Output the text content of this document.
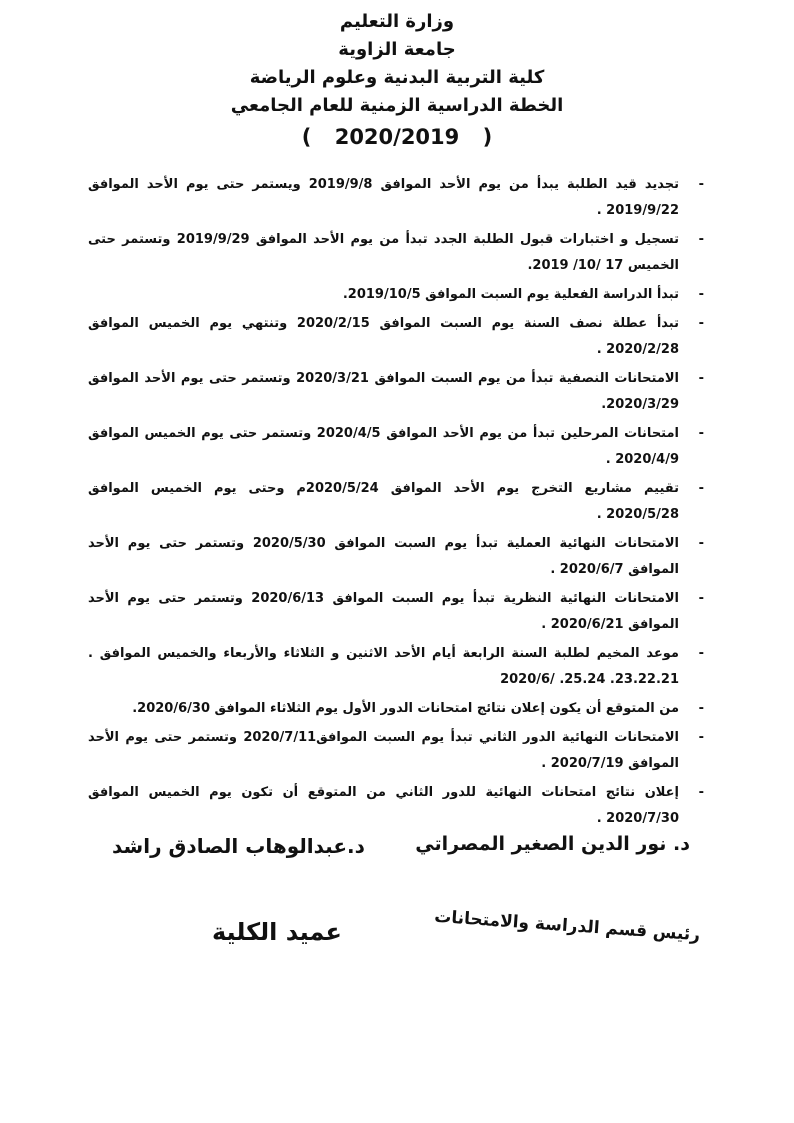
وزارة التعليم
جامعة الزاوية
كلية التربية البدنية وعلوم الرياضة
الخطة الدراسية الزمنية للعام الجامعي
( 2020/2019 )
-
تجديد قيد الطلبة يبدأ من يوم الأحد الموافق 2019/9/8 ويستمر حتى يوم الأحد الموافق 2019/9/22 .
-
تسجيل و اختبارات قبول الطلبة الجدد تبدأ من يوم الأحد الموافق 2019/9/29 وتستمر حتى الخميس 17 /10/ 2019.
-
تبدأ الدراسة الفعلية يوم السبت الموافق 2019/10/5.
-
تبدأ عطلة نصف السنة يوم السبت الموافق 2020/2/15 وتنتهي يوم الخميس الموافق 2020/2/28 .
-
الامتحانات النصفية تبدأ من يوم السبت الموافق 2020/3/21 وتستمر حتى يوم الأحد الموافق 2020/3/29.
-
امتحانات المرحلين تبدأ من يوم الأحد الموافق 2020/4/5 وتستمر حتى يوم الخميس الموافق 2020/4/9 .
-
تقييم مشاريع التخرج يوم الأحد الموافق 2020/5/24م وحتى يوم الخميس الموافق 2020/5/28 .
-
الامتحانات النهائية العملية تبدأ يوم السبت الموافق 2020/5/30 وتستمر حتى يوم الأحد الموافق 2020/6/7 .
-
الامتحانات النهائية النظرية تبدأ يوم السبت الموافق 2020/6/13 وتستمر حتى يوم الأحد الموافق 2020/6/21 .
-
موعد المخيم لطلبة السنة الرابعة أيام الأحد الاثنين و الثلاثاء والأربعاء والخميس الموافق . 2020/6/ .25.24 .23.22.21
-
من المتوقع أن يكون إعلان نتائج امتحانات الدور الأول يوم الثلاثاء الموافق 2020/6/30.
-
الامتحانات النهائية الدور الثاني تبدأ يوم السبت الموافق2020/7/11 وتستمر حتى يوم الأحد الموافق 2020/7/19 .
-
إعلان نتائج امتحانات النهائية للدور الثاني من المتوقع أن تكون يوم الخميس الموافق 2020/7/30 .
د. نور الدين الصغير المصراتي
د.عبدالوهاب الصادق راشد
رئيس قسم الدراسة والامتحانات
عميد الكلية
